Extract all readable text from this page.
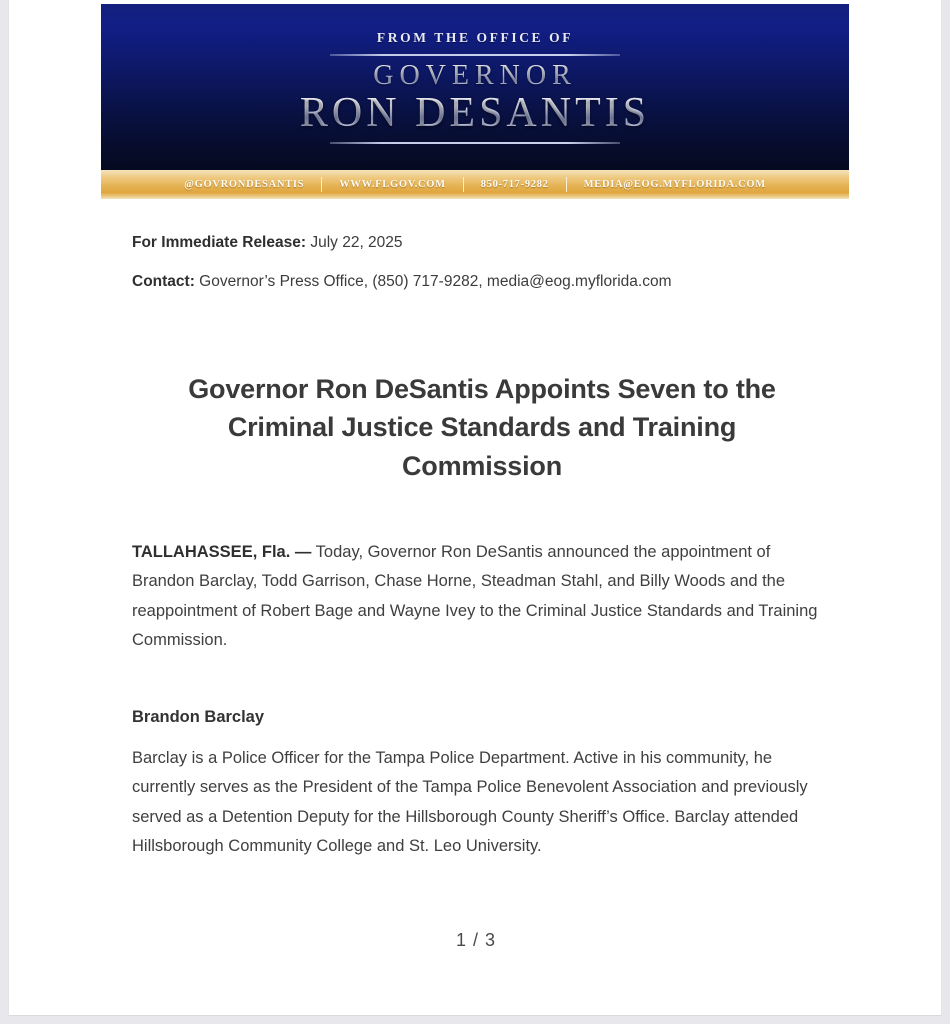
FROM THE OFFICE OF
GOVERNOR
RON DESANTIS
@GOVRONDESANTIS	WWW.FLGOV.COM	850-717-9282	MEDIA@EOG.MYFLORIDA.COM

For Immediate Release: July 22, 2025

Contact: Governor’s Press Office, (850) 717-9282, media@eog.myflorida.com

Governor Ron DeSantis Appoints Seven to the Criminal Justice Standards and Training Commission

TALLAHASSEE, Fla. — Today, Governor Ron DeSantis announced the appointment of Brandon Barclay, Todd Garrison, Chase Horne, Steadman Stahl, and Billy Woods and the reappointment of Robert Bage and Wayne Ivey to the Criminal Justice Standards and Training Commission.

Brandon Barclay

Barclay is a Police Officer for the Tampa Police Department. Active in his community, he currently serves as the President of the Tampa Police Benevolent Association and previously served as a Detention Deputy for the Hillsborough County Sheriff’s Office. Barclay attended Hillsborough Community College and St. Leo University.

1 / 3
